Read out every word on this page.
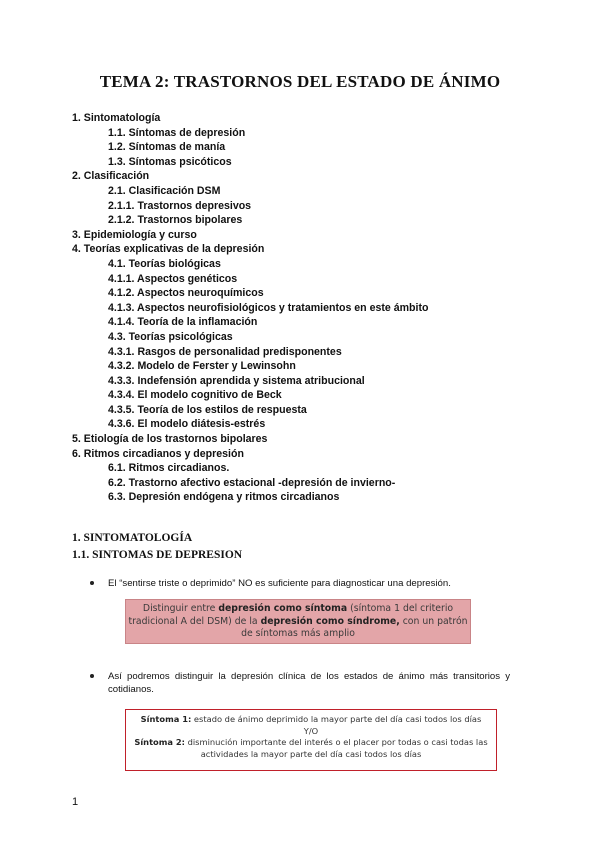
TEMA 2: TRASTORNOS DEL ESTADO DE ÁNIMO
1. Sintomatología
1.1. Síntomas de depresión
1.2. Síntomas de manía
1.3. Síntomas psicóticos
2. Clasificación
2.1. Clasificación DSM
2.1.1. Trastornos depresivos
2.1.2. Trastornos bipolares
3. Epidemiología y curso
4. Teorías explicativas de la depresión
4.1. Teorías biológicas
4.1.1. Aspectos genéticos
4.1.2. Aspectos neuroquímicos
4.1.3. Aspectos neurofisiológicos y tratamientos en este ámbito
4.1.4. Teoría de la inflamación
4.3. Teorías psicológicas
4.3.1. Rasgos de personalidad predisponentes
4.3.2. Modelo de Ferster y Lewinsohn
4.3.3. Indefensión aprendida y sistema atribucional
4.3.4. El modelo cognitivo de Beck
4.3.5. Teoría de los estilos de respuesta
4.3.6. El modelo diátesis-estrés
5. Etiología de los trastornos bipolares
6. Ritmos circadianos y depresión
6.1. Ritmos circadianos.
6.2. Trastorno afectivo estacional -depresión de invierno-
6.3. Depresión endógena y ritmos circadianos
1. SINTOMATOLOGÍA
1.1. SINTOMAS DE DEPRESION
El “sentirse triste o deprimido” NO es suficiente para diagnosticar una depresión.
Distinguir entre depresión como síntoma (síntoma 1 del criterio tradicional A del DSM) de la depresión como síndrome, con un patrón de síntomas más amplio
Así podremos distinguir la depresión clínica de los estados de ánimo más transitorios y cotidianos.
Síntoma 1: estado de ánimo deprimido la mayor parte del día casi todos los días
Y/O
Síntoma 2: disminución importante del interés o el placer por todas o casi todas las actividades la mayor parte del día casi todos los días
1
